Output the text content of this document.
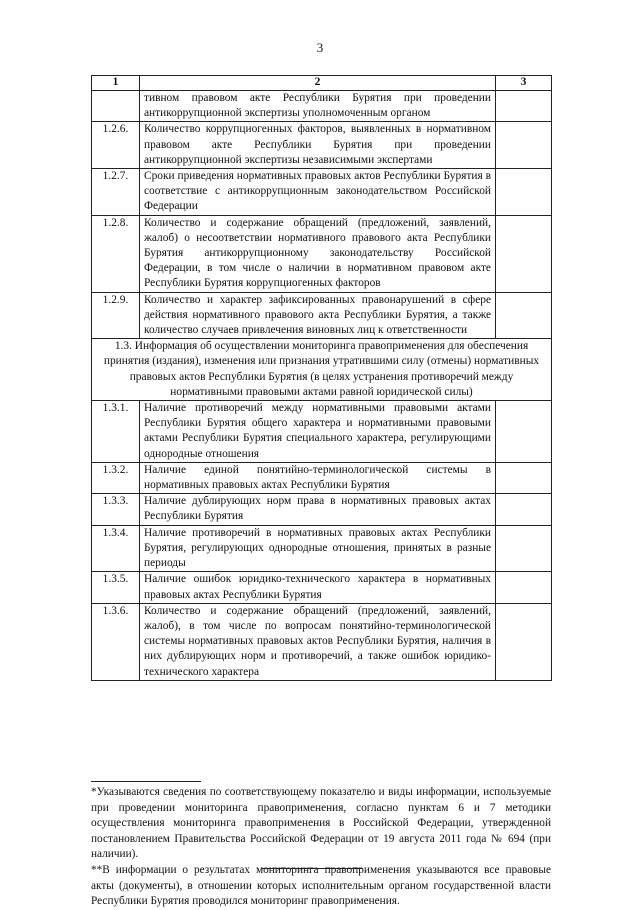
3
1	2	3
	тивном правовом акте Республики Бурятия при проведении антикоррупционной экспертизы уполномоченным органом	
1.2.6.	Количество коррупциогенных факторов, выявленных в нормативном правовом акте Республики Бурятия при проведении антикоррупционной экспертизы независимыми экспертами	
1.2.7.	Сроки приведения нормативных правовых актов Республики Бурятия в соответствие с антикоррупционным законодательством Российской Федерации	
1.2.8.	Количество и содержание обращений (предложений, заявлений, жалоб) о несоответствии нормативного правового акта Республики Бурятия антикоррупционному законодательству Российской Федерации, в том числе о наличии в нормативном правовом акте Республики Бурятия коррупциогенных факторов	
1.2.9.	Количество и характер зафиксированных правонарушений в сфере действия нормативного правового акта Республики Бурятия, а также количество случаев привлечения виновных лиц к ответственности	
1.3. Информация об осуществлении мониторинга правоприменения для обеспечения принятия (издания), изменения или признания утратившими силу (отмены) нормативных правовых актов Республики Бурятия (в целях устранения противоречий между нормативными правовыми актами равной юридической силы)		
1.3.1.	Наличие противоречий между нормативными правовыми актами Республики Бурятия общего характера и нормативными правовыми актами Республики Бурятия специального характера, регулирующими однородные отношения	
1.3.2.	Наличие единой понятийно-терминологической системы в нормативных правовых актах Республики Бурятия	
1.3.3.	Наличие дублирующих норм права в нормативных правовых актах Республики Бурятия	
1.3.4.	Наличие противоречий в нормативных правовых актах Республики Бурятия, регулирующих однородные отношения, принятых в разные периоды	
1.3.5.	Наличие ошибок юридико-технического характера в нормативных правовых актах Республики Бурятия	
1.3.6.	Количество и содержание обращений (предложений, заявлений, жалоб), в том числе по вопросам понятийно-терминологической системы нормативных правовых актов Республики Бурятия, наличия в них дублирующих норм и противоречий, а также ошибок юридико-технического характера	

*Указываются сведения по соответствующему показателю и виды информации, используемые при проведении мониторинга правоприменения, согласно пунктам 6 и 7 методики осуществления мониторинга правоприменения в Российской Федерации, утвержденной постановлением Правительства Российской Федерации от 19 августа 2011 года № 694 (при наличии).

**В информации о результатах мониторинга правоприменения указываются все правовые акты (документы), в отношении которых исполнительным органом государственной власти Республики Бурятия проводился мониторинг правоприменения.
